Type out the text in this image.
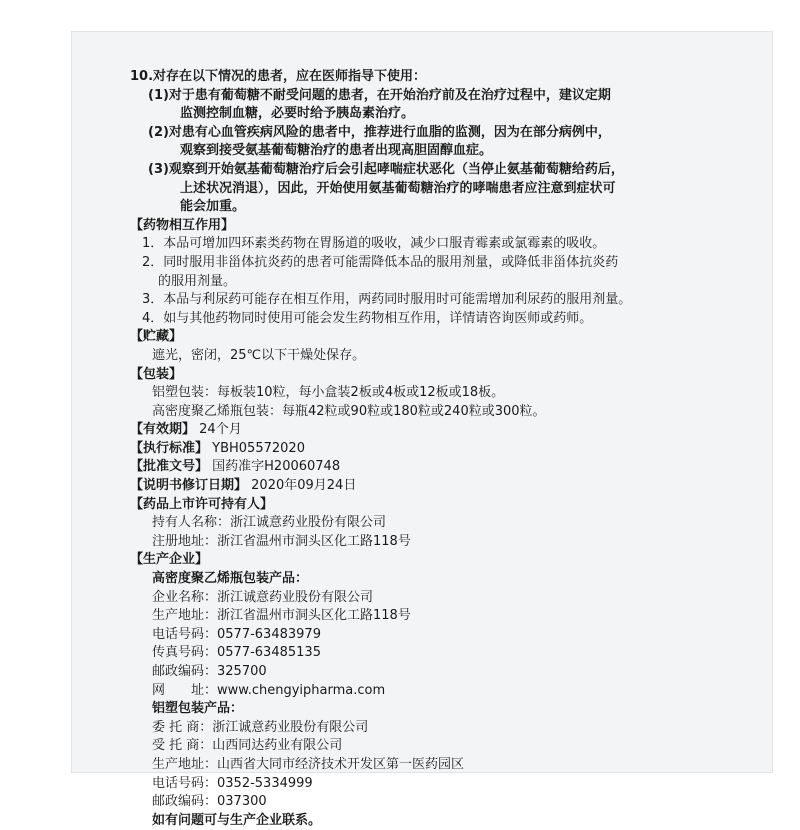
10.对存在以下情况的患者，应在医师指导下使用：
(1)对于患有葡萄糖不耐受问题的患者，在开始治疗前及在治疗过程中，建议定期
监测控制血糖，必要时给予胰岛素治疗。
(2)对患有心血管疾病风险的患者中，推荐进行血脂的监测，因为在部分病例中，
观察到接受氨基葡萄糖治疗的患者出现高胆固醇血症。
(3)观察到开始氨基葡萄糖治疗后会引起哮喘症状恶化（当停止氨基葡萄糖给药后，
上述状况消退），因此，开始使用氨基葡萄糖治疗的哮喘患者应注意到症状可
能会加重。
【药物相互作用】
1．本品可增加四环素类药物在胃肠道的吸收，减少口服青霉素或氯霉素的吸收。
2．同时服用非甾体抗炎药的患者可能需降低本品的服用剂量，或降低非甾体抗炎药
的服用剂量。
3．本品与利尿药可能存在相互作用，两药同时服用时可能需增加利尿药的服用剂量。
4．如与其他药物同时使用可能会发生药物相互作用，详情请咨询医师或药师。
【贮藏】
遮光，密闭，25℃以下干燥处保存。
【包装】
铝塑包装：每板装10粒，每小盒装2板或4板或12板或18板。
高密度聚乙烯瓶包装：每瓶42粒或90粒或180粒或240粒或300粒。
【有效期】 24个月
【执行标准】 YBH05572020
【批准文号】 国药准字H20060748
【说明书修订日期】 2020年09月24日
【药品上市许可持有人】
持有人名称：浙江诚意药业股份有限公司
注册地址：浙江省温州市洞头区化工路118号
【生产企业】
高密度聚乙烯瓶包装产品：
企业名称：浙江诚意药业股份有限公司
生产地址：浙江省温州市洞头区化工路118号
电话号码：0577-63483979
传真号码：0577-63485135
邮政编码：325700
网　　址：www.chengyipharma.com
铝塑包装产品：
委 托 商：浙江诚意药业股份有限公司
受 托 商：山西同达药业有限公司
生产地址：山西省大同市经济技术开发区第一医药园区
电话号码：0352-5334999
邮政编码：037300
如有问题可与生产企业联系。
